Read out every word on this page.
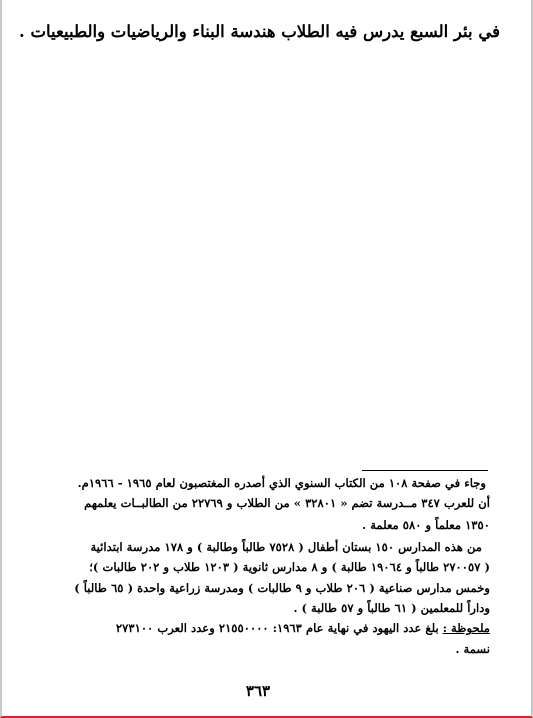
في بئر السبع يدرس فيه الطلاب هندسة البناء والرياضيات والطبيعيات .
وجاء في صفحة ١٠٨ من الكتاب السنوي الذي أصدره المغتصبون لعام ١٩٦٥ - ١٩٦٦م.
أن للعرب ٣٤٧ مــدرسة تضم « ٣٢٨٠١ » من الطلاب و ٢٢٧٦٩ من الطالبــات يعلمهم
١٣٥٠ معلماً و ٥٨٠ معلمة .
من هذه المدارس ١٥٠ بستان أطفال ( ٧٥٢٨ طالباً وطالبة ) و ١٧٨ مدرسة ابتدائية
( ٢٧٠٠٥٧ طالباً و ١٩٠٦٤ طالبة ) و ٨ مدارس ثانوية ( ١٢٠٣ طلاب و ٢٠٢ طالبات )؛
وخمس مدارس صناعية ( ٢٠٦ طلاب و ٩ طالبات ) ومدرسة زراعية واحدة ( ٦٥ طالباً )
وداراً للمعلمين ( ٦١ طالباً و ٥٧ طالبة ) .
ملحوظة : بلغ عدد اليهود في نهاية عام ١٩٦٣: ٢١٥٥٠٠٠٠ وعدد العرب ٢٧٣١٠٠
نسمة .
٣٦٣
